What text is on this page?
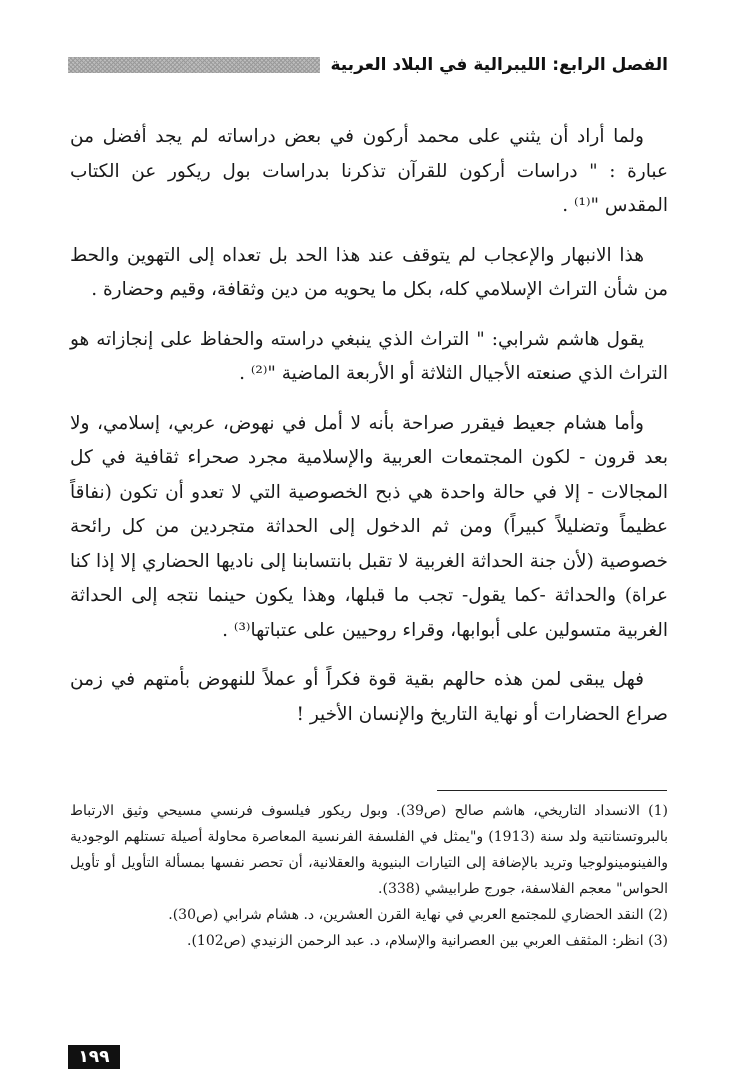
الفصل الرابع: الليبرالية في البلاد العربية

ولما أراد أن يثني على محمد أركون في بعض دراساته لم يجد أفضل من عبارة : " دراسات أركون للقرآن تذكرنا بدراسات بول ريكور عن الكتاب المقدس "⁽¹⁾ .

هذا الانبهار والإعجاب لم يتوقف عند هذا الحد بل تعداه إلى التهوين والحط من شأن التراث الإسلامي كله، بكل ما يحويه من دين وثقافة، وقيم وحضارة .

يقول هاشم شرابي: " التراث الذي ينبغي دراسته والحفاظ على إنجازاته هو التراث الذي صنعته الأجيال الثلاثة أو الأربعة الماضية "⁽²⁾ .

وأما هشام جعيط فيقرر صراحة بأنه لا أمل في نهوض، عربي، إسلامي، ولا بعد قرون - لكون المجتمعات العربية والإسلامية مجرد صحراء ثقافية في كل المجالات - إلا في حالة واحدة هي ذبح الخصوصية التي لا تعدو أن تكون (نفاقاً عظيماً وتضليلاً كبيراً) ومن ثم الدخول إلى الحداثة متجردين من كل رائحة خصوصية (لأن جنة الحداثة الغربية لا تقبل بانتسابنا إلى ناديها الحضاري إلا إذا كنا عراة) والحداثة -كما يقول- تجب ما قبلها، وهذا يكون حينما نتجه إلى الحداثة الغربية متسولين على أبوابها، وقراء روحيين على عتباتها⁽³⁾ .

فهل يبقى لمن هذه حالهم بقية قوة فكراً أو عملاً للنهوض بأمتهم في زمن صراع الحضارات أو نهاية التاريخ والإنسان الأخير !

(1) الانسداد التاريخي، هاشم صالح (ص39). وبول ريكور فيلسوف فرنسي مسيحي وثيق الارتباط بالبروتستانتية ولد سنة (1913) و"يمثل في الفلسفة الفرنسية المعاصرة محاولة أصيلة تستلهم الوجودية والفينومينولوجيا وتريد بالإضافة إلى التيارات البنيوية والعقلانية، أن تحصر نفسها بمسألة التأويل أو تأويل الحواس" معجم الفلاسفة، جورج طرابيشي (338).

(2) النقد الحضاري للمجتمع العربي في نهاية القرن العشرين، د. هشام شرابي (ص30).

(3) انظر: المثقف العربي بين العصرانية والإسلام، د. عبد الرحمن الزنيدي (ص102).

١٩٩
